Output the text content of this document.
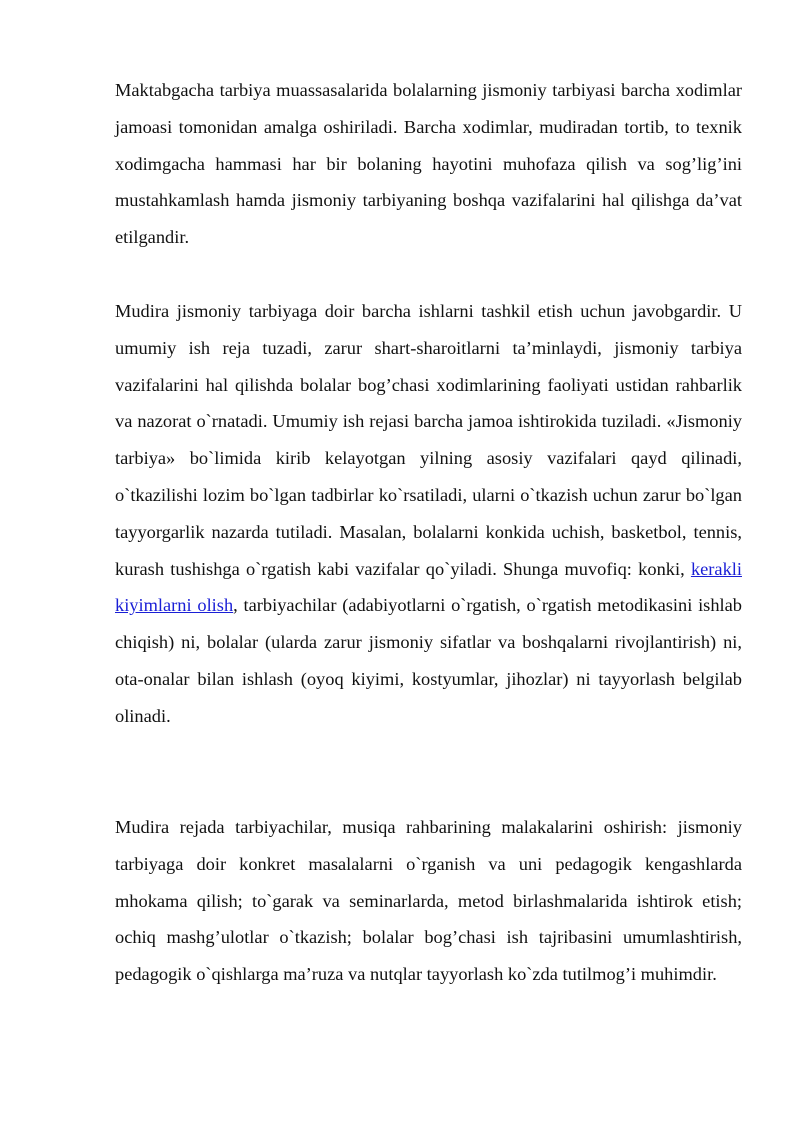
Maktabgacha tarbiya muassasalarida bolalarning jismoniy tarbiyasi barcha xodimlar jamoasi tomonidan amalga oshiriladi. Barcha xodimlar, mudiradan tortib, to texnik xodimgacha hammasi har bir bolaning hayotini muhofaza qilish va sog’lig’ini mustahkamlash hamda jismoniy tarbiyaning boshqa vazifalarini hal qilishga da’vat etilgandir.

Mudira jismoniy tarbiyaga doir barcha ishlarni tashkil etish uchun javobgardir. U umumiy ish reja tuzadi, zarur shart-sharoitlarni ta’minlaydi, jismoniy tarbiya vazifalarini hal qilishda bolalar bog’chasi xodimlarining faoliyati ustidan rahbarlik va nazorat o`rnatadi. Umumiy ish rejasi barcha jamoa ishtirokida tuziladi. «Jismoniy tarbiya» bo`limida kirib kelayotgan yilning asosiy vazifalari qayd qilinadi, o`tkazilishi lozim bo`lgan tadbirlar ko`rsatiladi, ularni o`tkazish uchun zarur bo`lgan tayyorgarlik nazarda tutiladi. Masalan, bolalarni konkida uchish, basketbol, tennis, kurash tushishga o`rgatish kabi vazifalar qo`yiladi. Shunga muvofiq: konki, kerakli kiyimlarni olish, tarbiyachilar (adabiyotlarni o`rgatish, o`rgatish metodikasini ishlab chiqish) ni, bolalar (ularda zarur jismoniy sifatlar va boshqalarni rivojlantirish) ni, ota-onalar bilan ishlash (oyoq kiyimi, kostyumlar, jihozlar) ni tayyorlash belgilab olinadi.

Mudira rejada tarbiyachilar, musiqa rahbarining malakalarini oshirish: jismoniy tarbiyaga doir konkret masalalarni o`rganish va uni pedagogik kengashlarda mhokama qilish; to`garak va seminarlarda, metod birlashmalarida ishtirok etish; ochiq mashg’ulotlar o`tkazish; bolalar bog’chasi ish tajribasini umumlashtirish, pedagogik o`qishlarga ma’ruza va nutqlar tayyorlash ko`zda tutilmog’i muhimdir.
